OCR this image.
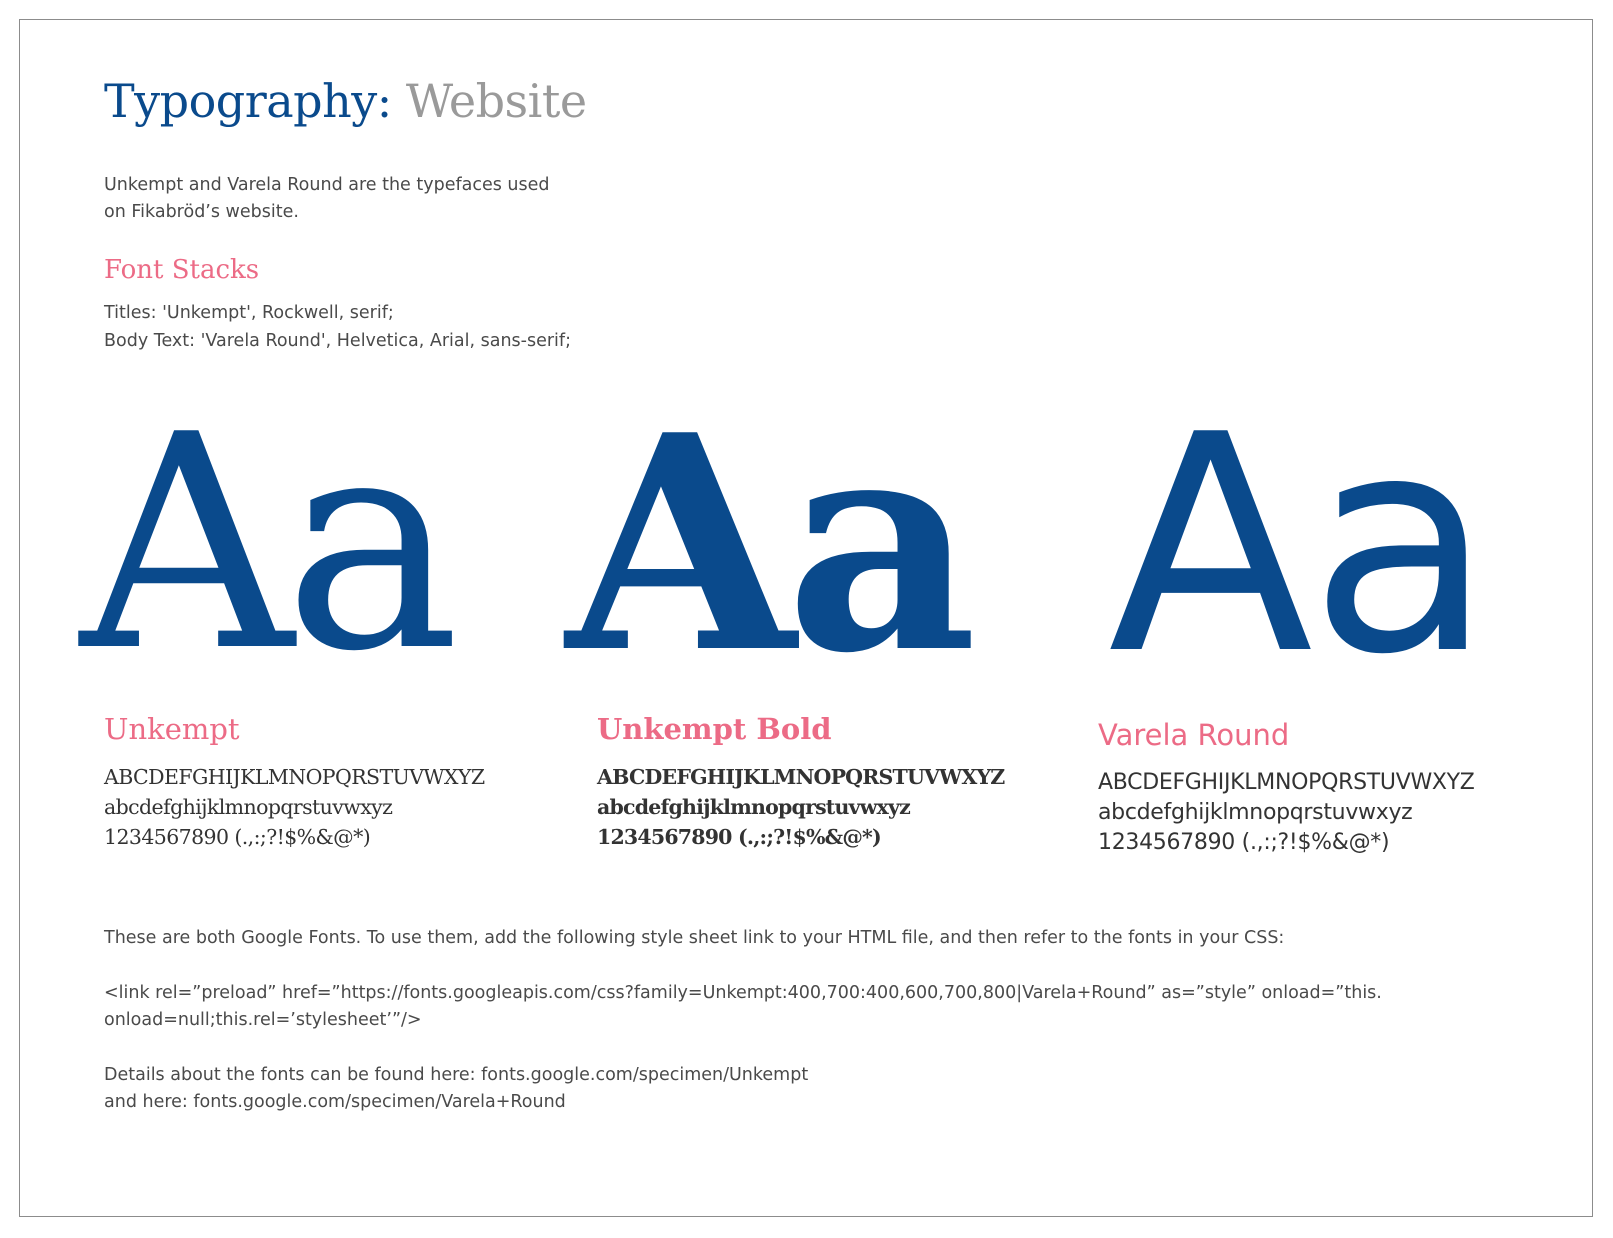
Typography: Website

Unkempt and Varela Round are the typefaces used
on Fikabröd’s website.

Font Stacks

Titles: 'Unkempt', Rockwell, serif;
Body Text: 'Varela Round', Helvetica, Arial, sans-serif;

Aa Aa Aa
Unkempt

ABCDEFGHIJKLMNOPQRSTUVWXYZ
abcdefghijklmnopqrstuvwxyz
1234567890 (.,:;?!$%&@*)

Unkempt Bold

ABCDEFGHIJKLMNOPQRSTUVWXYZ
abcdefghijklmnopqrstuvwxyz
1234567890 (.,:;?!$%&@*)

Varela Round

ABCDEFGHIJKLMNOPQRSTUVWXYZ
abcdefghijklmnopqrstuvwxyz
1234567890 (.,:;?!$%&@*)

These are both Google Fonts. To use them, add the following style sheet link to your HTML file, and then refer to the fonts in your CSS:

<link rel=”preload” href=”https://fonts.googleapis.com/css?family=Unkempt:400,700:400,600,700,800|Varela+Round” as=”style” onload=”this.
onload=null;this.rel=’stylesheet’”/>

Details about the fonts can be found here: fonts.google.com/specimen/Unkempt
and here: fonts.google.com/specimen/Varela+Round
